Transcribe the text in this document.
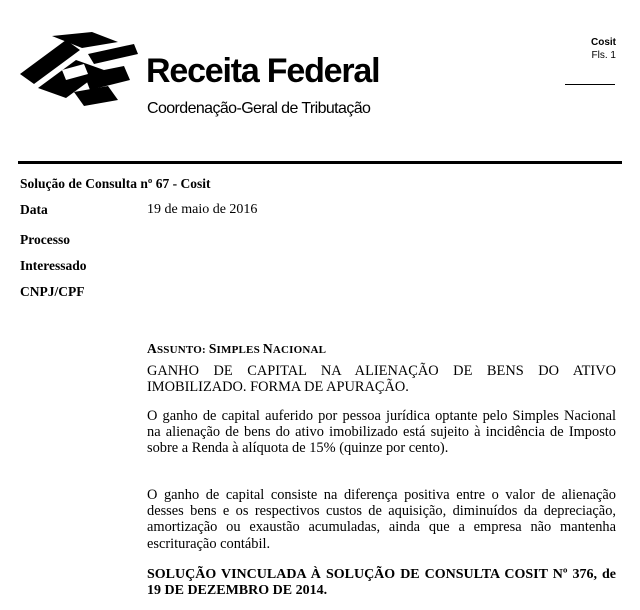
Receita Federal
Coordenação-Geral de Tributação
Cosit
Fls. 1
Solução de Consulta nº 67 - Cosit
Data	19 de maio de 2016
Processo
Interessado
CNPJ/CPF
ASSUNTO: SIMPLES NACIONAL
GANHO DE CAPITAL NA ALIENAÇÃO DE BENS DO ATIVO IMOBILIZADO. FORMA DE APURAÇÃO.
O ganho de capital auferido por pessoa jurídica optante pelo Simples Nacional na alienação de bens do ativo imobilizado está sujeito à incidência de Imposto sobre a Renda à alíquota de 15% (quinze por cento).
O ganho de capital consiste na diferença positiva entre o valor de alienação desses bens e os respectivos custos de aquisição, diminuídos da depreciação, amortização ou exaustão acumuladas, ainda que a empresa não mantenha escrituração contábil.
SOLUÇÃO VINCULADA À SOLUÇÃO DE CONSULTA COSIT Nº 376, de 19 DE DEZEMBRO DE 2014.
